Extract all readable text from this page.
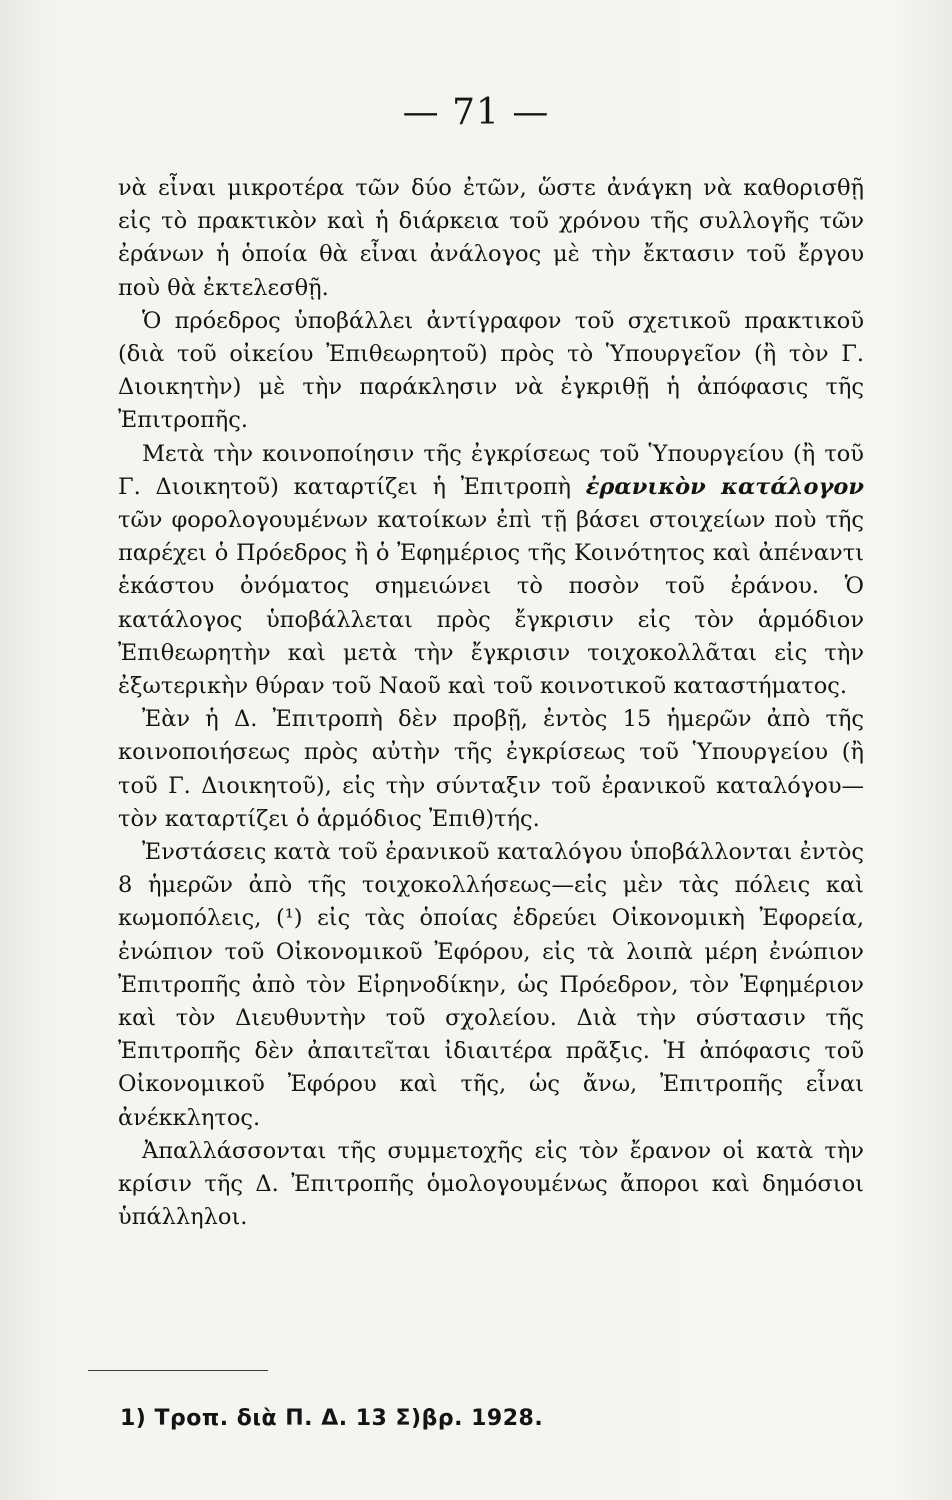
— 71 —

νὰ εἶναι μικροτέρα τῶν δύο ἐτῶν, ὥστε ἀνάγκη νὰ καθορισθῇ εἰς τὸ πρακτικὸν καὶ ἡ διάρκεια τοῦ χρόνου τῆς συλλογῆς τῶν ἐράνων ἡ ὁποία θὰ εἶναι ἀνάλογος μὲ τὴν ἔκτασιν τοῦ ἔργου ποὺ θὰ ἐκτελεσθῇ.

Ὁ πρόεδρος ὑποβάλλει ἀντίγραφον τοῦ σχετικοῦ πρακτικοῦ (διὰ τοῦ οἰκείου Ἐπιθεωρητοῦ) πρὸς τὸ Ὑπουργεῖον (ἢ τὸν Γ. Διοικητὴν) μὲ τὴν παράκλησιν νὰ ἐγκριθῇ ἡ ἀπόφασις τῆς Ἐπιτροπῆς.

Μετὰ τὴν κοινοποίησιν τῆς ἐγκρίσεως τοῦ Ὑπουργείου (ἢ τοῦ Γ. Διοικητοῦ) καταρτίζει ἡ Ἐπιτροπὴ ἐρανικὸν κατάλογον τῶν φορολογουμένων κατοίκων ἐπὶ τῇ βάσει στοιχείων ποὺ τῆς παρέχει ὁ Πρόεδρος ἢ ὁ Ἐφημέριος τῆς Κοινότητος καὶ ἀπέναντι ἑκάστου ὀνόματος σημειώνει τὸ ποσὸν τοῦ ἐράνου. Ὁ κατάλογος ὑποβάλλεται πρὸς ἔγκρισιν εἰς τὸν ἁρμόδιον Ἐπιθεωρητὴν καὶ μετὰ τὴν ἔγκρισιν τοιχοκολλᾶται εἰς τὴν ἐξωτερικὴν θύραν τοῦ Ναοῦ καὶ τοῦ κοινοτικοῦ καταστήματος.

Ἐὰν ἡ Δ. Ἐπιτροπὴ δὲν προβῇ, ἐντὸς 15 ἡμερῶν ἀπὸ τῆς κοινοποιήσεως πρὸς αὐτὴν τῆς ἐγκρίσεως τοῦ Ὑπουργείου (ἢ τοῦ Γ. Διοικητοῦ), εἰς τὴν σύνταξιν τοῦ ἐρανικοῦ καταλόγου—τὸν καταρτίζει ὁ ἁρμόδιος Ἐπιθ)τής.

Ἐνστάσεις κατὰ τοῦ ἐρανικοῦ καταλόγου ὑποβάλλονται ἐντὸς 8 ἡμερῶν ἀπὸ τῆς τοιχοκολλήσεως—εἰς μὲν τὰς πόλεις καὶ κωμοπόλεις, (¹) εἰς τὰς ὁποίας ἑδρεύει Οἰκονομικὴ Ἐφορεία, ἐνώπιον τοῦ Οἰκονομικοῦ Ἐφόρου, εἰς τὰ λοιπὰ μέρη ἐνώπιον Ἐπιτροπῆς ἀπὸ τὸν Εἰρηνοδίκην, ὡς Πρόεδρον, τὸν Ἐφημέριον καὶ τὸν Διευθυντὴν τοῦ σχολείου. Διὰ τὴν σύστασιν τῆς Ἐπιτροπῆς δὲν ἀπαιτεῖται ἰδιαιτέρα πρᾶξις. Ἡ ἀπόφασις τοῦ Οἰκονομικοῦ Ἐφόρου καὶ τῆς, ὡς ἄνω, Ἐπιτροπῆς εἶναι ἀνέκκλητος.

Ἀπαλλάσσονται τῆς συμμετοχῆς εἰς τὸν ἔρανον οἱ κατὰ τὴν κρίσιν τῆς Δ. Ἐπιτροπῆς ὁμολογουμένως ἄποροι καὶ δημόσιοι ὑπάλληλοι.

1) Τροπ. διὰ Π. Δ. 13 Σ)βρ. 1928.
